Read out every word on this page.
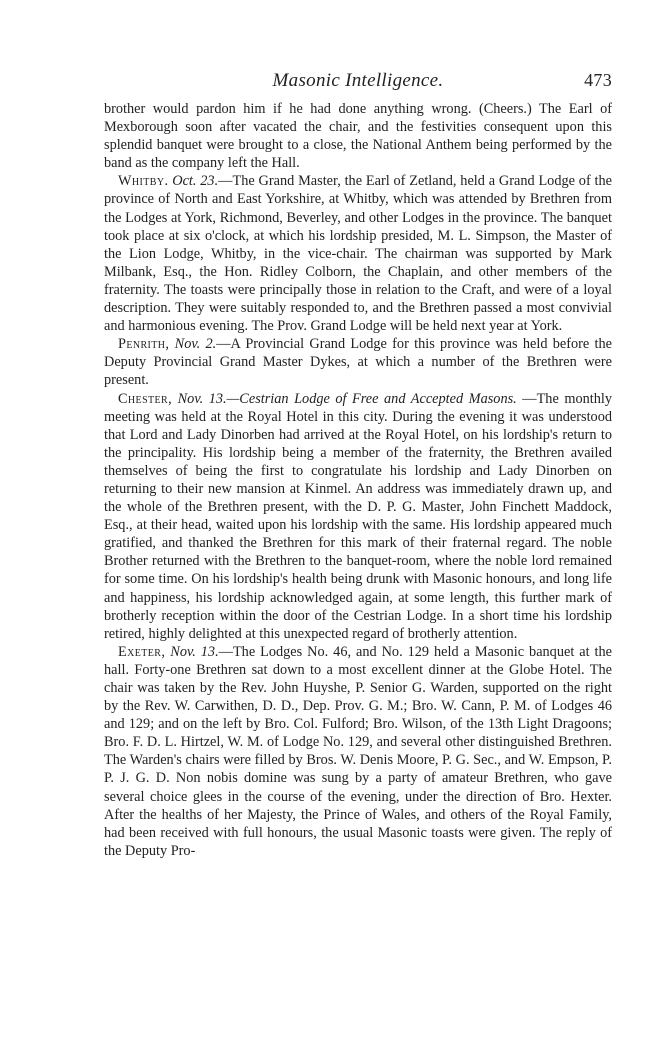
Masonic Intelligence.	473

brother would pardon him if he had done anything wrong. (Cheers.) The Earl of Mexborough soon after vacated the chair, and the festivities consequent upon this splendid banquet were brought to a close, the National Anthem being performed by the band as the company left the Hall.

Whitby. Oct. 23.—The Grand Master, the Earl of Zetland, held a Grand Lodge of the province of North and East Yorkshire, at Whitby, which was attended by Brethren from the Lodges at York, Richmond, Beverley, and other Lodges in the province. The banquet took place at six o'clock, at which his lordship presided, M. L. Simpson, the Master of the Lion Lodge, Whitby, in the vice-chair. The chairman was supported by Mark Milbank, Esq., the Hon. Ridley Colborn, the Chaplain, and other members of the fraternity. The toasts were principally those in relation to the Craft, and were of a loyal description. They were suitably responded to, and the Brethren passed a most convivial and harmonious evening. The Prov. Grand Lodge will be held next year at York.

Penrith, Nov. 2.—A Provincial Grand Lodge for this province was held before the Deputy Provincial Grand Master Dykes, at which a number of the Brethren were present.

Chester, Nov. 13.—Cestrian Lodge of Free and Accepted Masons. —The monthly meeting was held at the Royal Hotel in this city. During the evening it was understood that Lord and Lady Dinorben had arrived at the Royal Hotel, on his lordship's return to the principality. His lordship being a member of the fraternity, the Brethren availed themselves of being the first to congratulate his lordship and Lady Dinorben on returning to their new mansion at Kinmel. An address was immediately drawn up, and the whole of the Brethren present, with the D. P. G. Master, John Finchett Maddock, Esq., at their head, waited upon his lordship with the same. His lordship appeared much gratified, and thanked the Brethren for this mark of their fraternal regard. The noble Brother returned with the Brethren to the banquet-room, where the noble lord remained for some time. On his lordship's health being drunk with Masonic honours, and long life and happiness, his lordship acknowledged again, at some length, this further mark of brotherly reception within the door of the Cestrian Lodge. In a short time his lordship retired, highly delighted at this unexpected regard of brotherly attention.

Exeter, Nov. 13.—The Lodges No. 46, and No. 129 held a Masonic banquet at the hall. Forty-one Brethren sat down to a most excellent dinner at the Globe Hotel. The chair was taken by the Rev. John Huyshe, P. Senior G. Warden, supported on the right by the Rev. W. Carwithen, D. D., Dep. Prov. G. M.; Bro. W. Cann, P. M. of Lodges 46 and 129; and on the left by Bro. Col. Fulford; Bro. Wilson, of the 13th Light Dragoons; Bro. F. D. L. Hirtzel, W. M. of Lodge No. 129, and several other distinguished Brethren. The Warden's chairs were filled by Bros. W. Denis Moore, P. G. Sec., and W. Empson, P. P. J. G. D. Non nobis domine was sung by a party of amateur Brethren, who gave several choice glees in the course of the evening, under the direction of Bro. Hexter. After the healths of her Majesty, the Prince of Wales, and others of the Royal Family, had been received with full honours, the usual Masonic toasts were given. The reply of the Deputy Pro-
